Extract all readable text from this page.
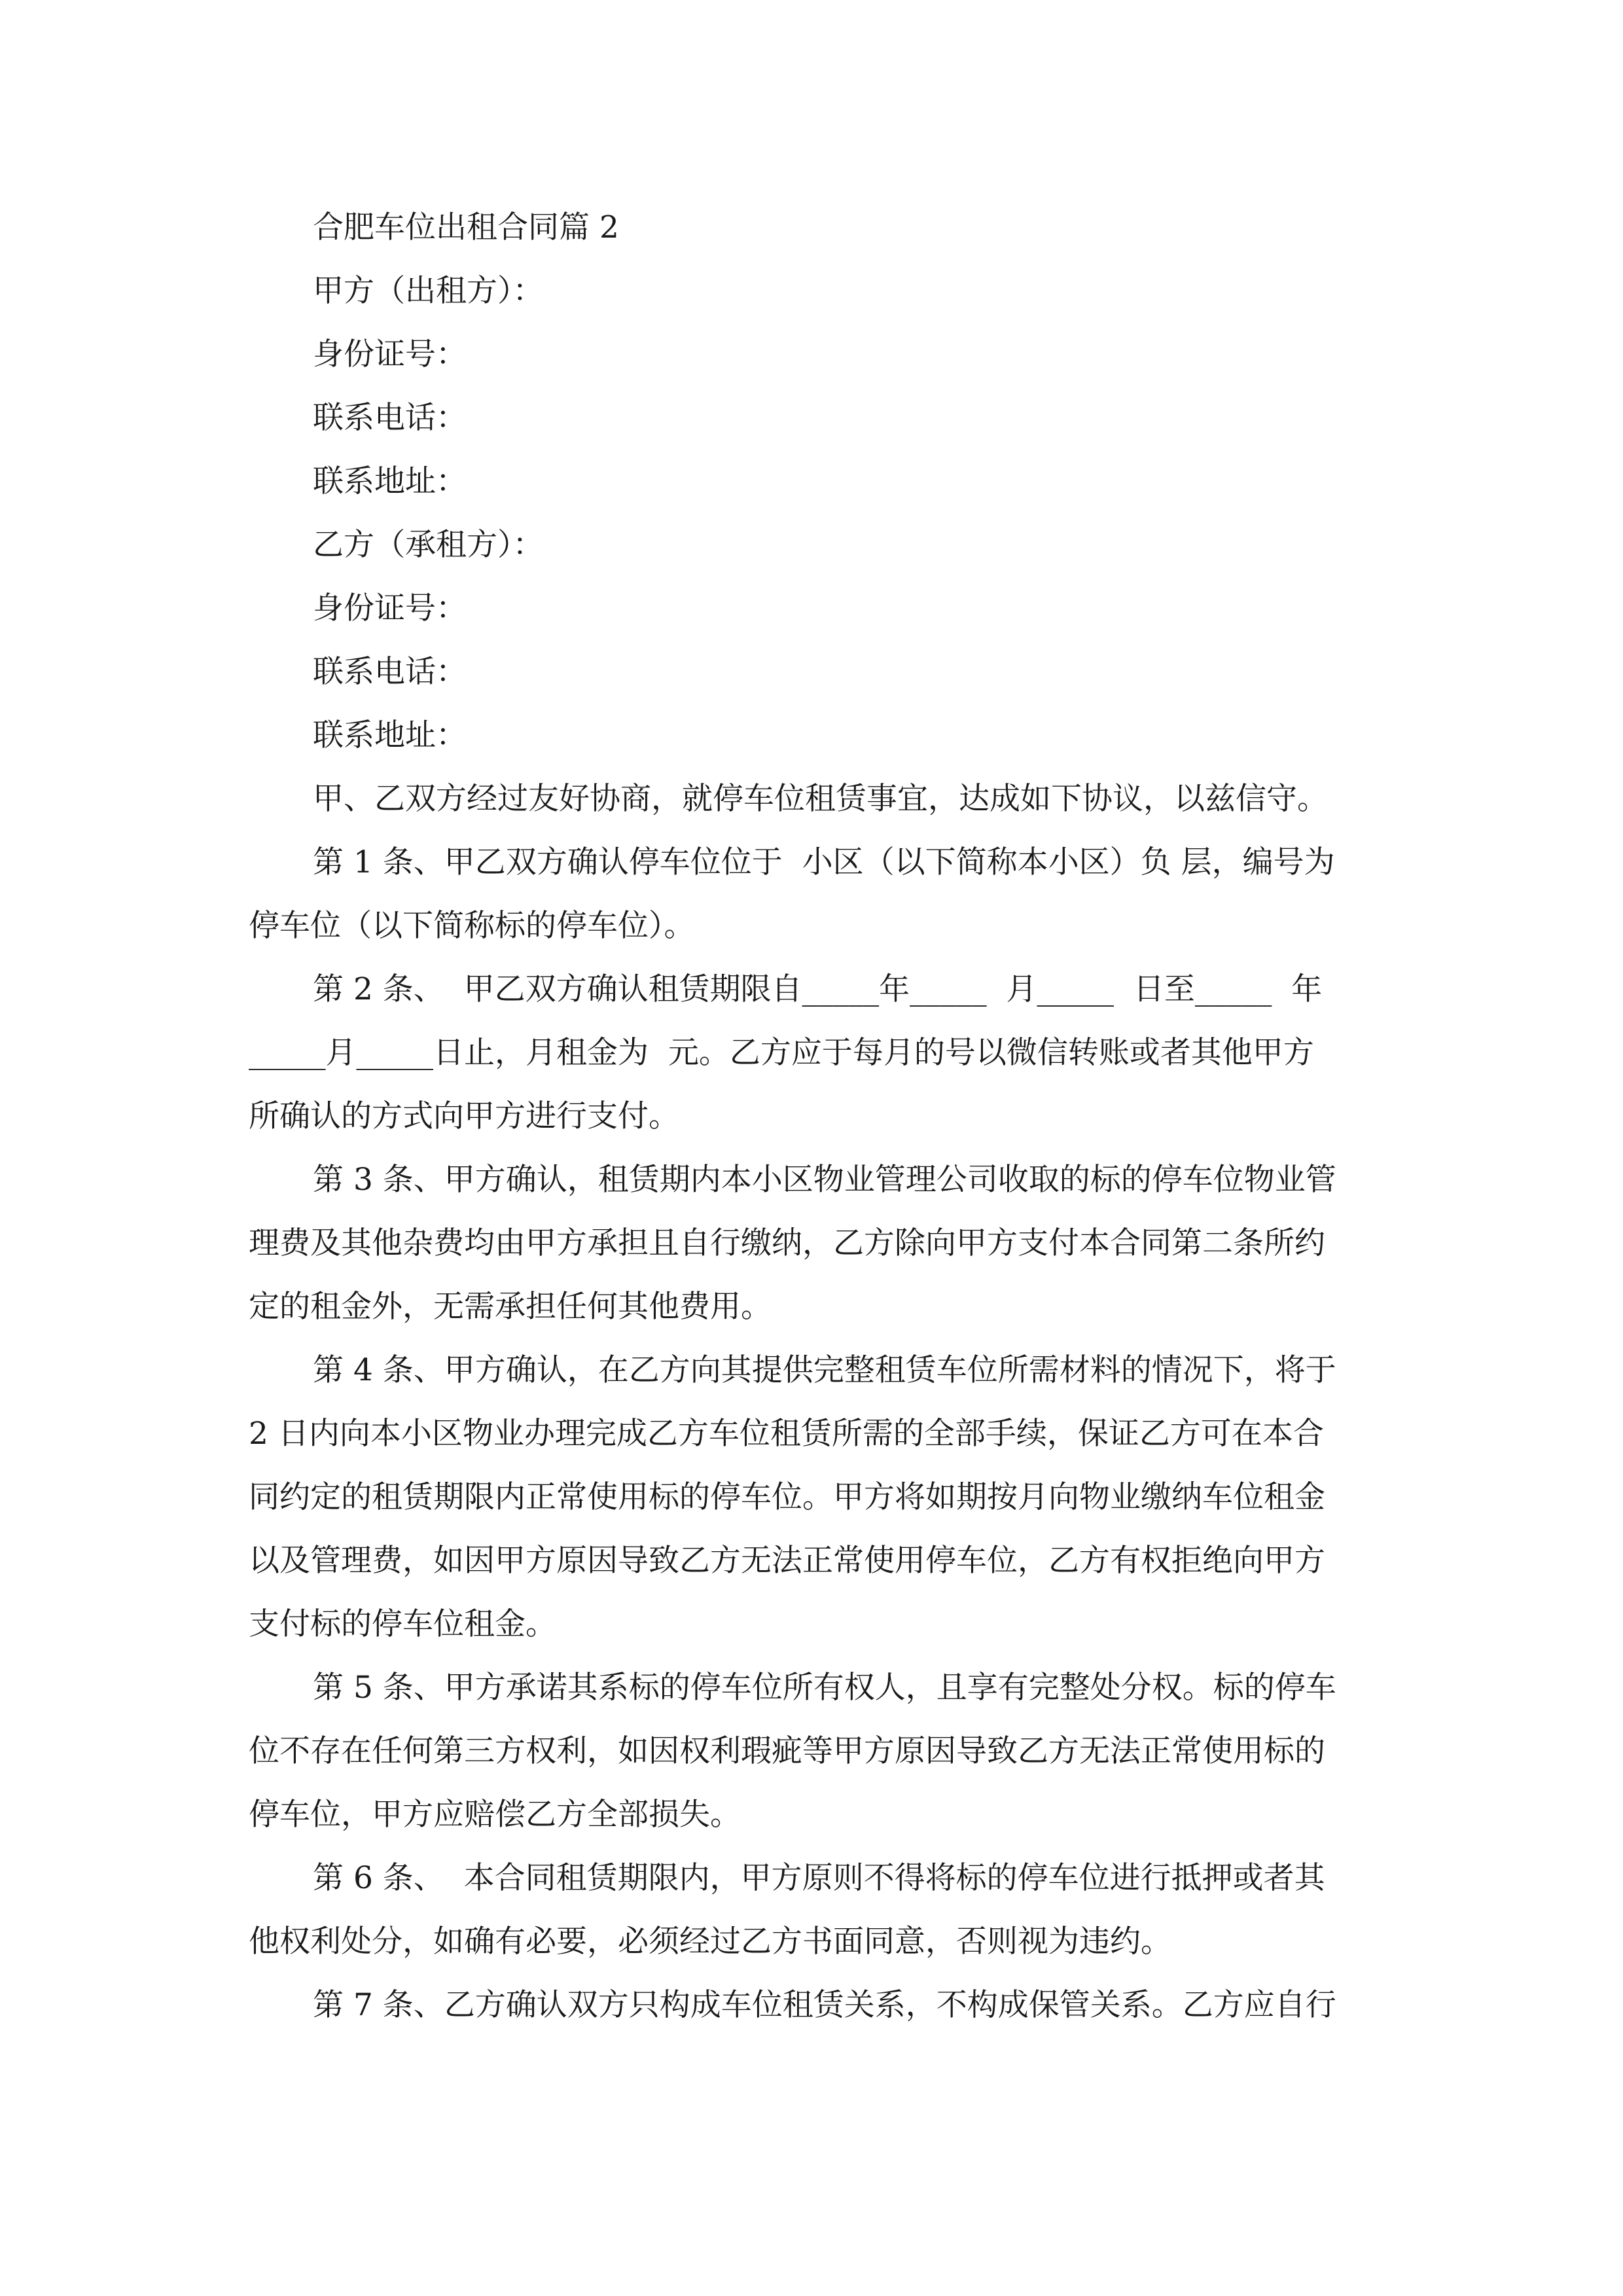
合肥车位出租合同篇 2
甲方（出租方）：
身份证号：
联系电话：
联系地址：
乙方（承租方）：
身份证号：
联系电话：
联系地址：
甲、乙双方经过友好协商，就停车位租赁事宜，达成如下协议，以兹信守。
第 1 条、甲乙双方确认停车位位于  小区（以下简称本小区）负 层，编号为
停车位（以下简称标的停车位）。
第 2 条、  甲乙双方确认租赁期限自_____年_____  月_____  日至_____  年
_____月_____日止，月租金为  元。乙方应于每月的号以微信转账或者其他甲方
所确认的方式向甲方进行支付。
第 3 条、甲方确认，租赁期内本小区物业管理公司收取的标的停车位物业管
理费及其他杂费均由甲方承担且自行缴纳，乙方除向甲方支付本合同第二条所约
定的租金外，无需承担任何其他费用。
第 4 条、甲方确认，在乙方向其提供完整租赁车位所需材料的情况下，将于
2 日内向本小区物业办理完成乙方车位租赁所需的全部手续，保证乙方可在本合
同约定的租赁期限内正常使用标的停车位。甲方将如期按月向物业缴纳车位租金
以及管理费，如因甲方原因导致乙方无法正常使用停车位，乙方有权拒绝向甲方
支付标的停车位租金。
第 5 条、甲方承诺其系标的停车位所有权人，且享有完整处分权。标的停车
位不存在任何第三方权利，如因权利瑕疵等甲方原因导致乙方无法正常使用标的
停车位，甲方应赔偿乙方全部损失。
第 6 条、  本合同租赁期限内，甲方原则不得将标的停车位进行抵押或者其
他权利处分，如确有必要，必须经过乙方书面同意，否则视为违约。
第 7 条、乙方确认双方只构成车位租赁关系，不构成保管关系。乙方应自行
